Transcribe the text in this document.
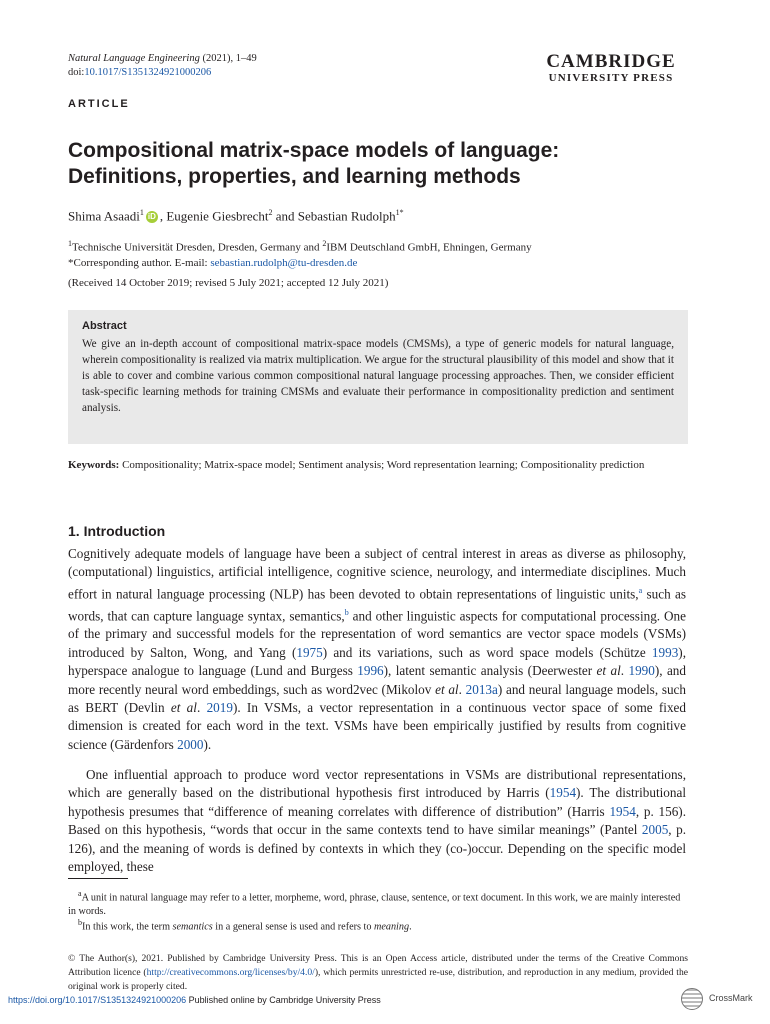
Natural Language Engineering (2021), 1–49
doi:10.1017/S1351324921000206
CAMBRIDGE
UNIVERSITY PRESS
ARTICLE
Compositional matrix-space models of language:
Definitions, properties, and learning methods
Shima Asaadi$^1$ iD , Eugenie Giesbrecht$^2$ and Sebastian Rudolph$^{1*}$
$^1$Technische Universität Dresden, Dresden, Germany and $^2$IBM Deutschland GmbH, Ehningen, Germany
*Corresponding author. E-mail: sebastian.rudolph@tu-dresden.de
(Received 14 October 2019; revised 5 July 2021; accepted 12 July 2021)
Abstract
We give an in-depth account of compositional matrix-space models (CMSMs), a type of generic models for natural language, wherein compositionality is realized via matrix multiplication. We argue for the structural plausibility of this model and show that it is able to cover and combine various common compositional natural language processing approaches. Then, we consider efficient task-specific learning methods for training CMSMs and evaluate their performance in compositionality prediction and sentiment analysis.
Keywords: Compositionality; Matrix-space model; Sentiment analysis; Word representation learning; Compositionality prediction
1. Introduction
Cognitively adequate models of language have been a subject of central interest in areas as diverse as philosophy, (computational) linguistics, artificial intelligence, cognitive science, neurology, and intermediate disciplines. Much effort in natural language processing (NLP) has been devoted to obtain representations of linguistic units,$^a$ such as words, that can capture language syntax, semantics,$^b$ and other linguistic aspects for computational processing. One of the primary and successful models for the representation of word semantics are vector space models (VSMs) introduced by Salton, Wong, and Yang (1975) and its variations, such as word space models (Schütze 1993), hyperspace analogue to language (Lund and Burgess 1996), latent semantic analysis (Deerwester et al. 1990), and more recently neural word embeddings, such as word2vec (Mikolov et al. 2013a) and neural language models, such as BERT (Devlin et al. 2019). In VSMs, a vector representation in a continuous vector space of some fixed dimension is created for each word in the text. VSMs have been empirically justified by results from cognitive science (Gärdenfors 2000).
One influential approach to produce word vector representations in VSMs are distributional representations, which are generally based on the distributional hypothesis first introduced by Harris (1954). The distributional hypothesis presumes that “difference of meaning correlates with difference of distribution” (Harris 1954, p. 156). Based on this hypothesis, “words that occur in the same contexts tend to have similar meanings” (Pantel 2005, p. 126), and the meaning of words is defined by contexts in which they (co-)occur. Depending on the specific model employed, these
$^a$A unit in natural language may refer to a letter, morpheme, word, phrase, clause, sentence, or text document. In this work, we are mainly interested in words.
$^b$In this work, the term semantics in a general sense is used and refers to meaning.
© The Author(s), 2021. Published by Cambridge University Press. This is an Open Access article, distributed under the terms of the Creative Commons Attribution licence (http://creativecommons.org/licenses/by/4.0/), which permits unrestricted re-use, distribution, and reproduction in any medium, provided the original work is properly cited.
https://doi.org/10.1017/S1351324921000206 Published online by Cambridge University Press	CrossMark
